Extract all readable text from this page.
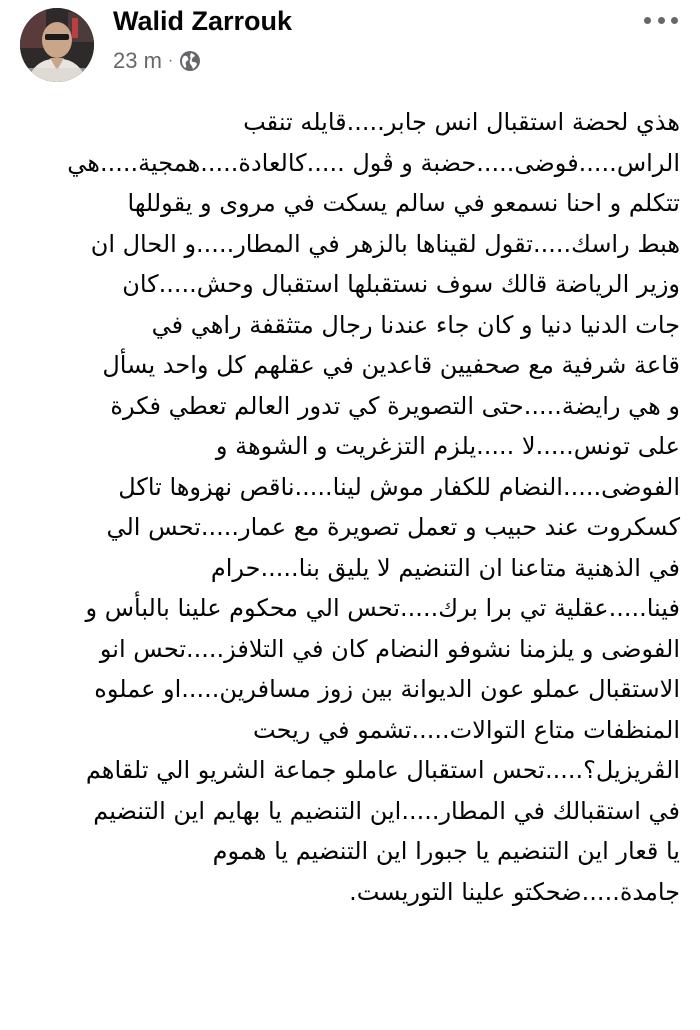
Walid Zarrouk
23 m ·
هذي لحضة استقبال انس جابر.....قايله تنقب
الراس.....فوضى.....حضبة و ڨول .....كالعادة.....همجية.....هي
تتكلم و احنا نسمعو في سالم يسكت في مروى و يقوللها
هبط راسك.....تقول لقيناها بالزهر في المطار.....و الحال ان
وزير الرياضة قالك سوف نستقبلها استقبال وحش.....كان
جات الدنيا دنيا و كان جاء عندنا رجال متثقفة راهي في
قاعة شرفية مع صحفيين قاعدين في عقلهم كل واحد يسأل
و هي رايضة.....حتى التصويرة كي تدور العالم تعطي فكرة
على تونس.....لا .....يلزم التزغريت و الشوهة و
الفوضى.....النضام للكفار موش لينا.....ناقص نهزوها تاكل
كسكروت عند حبيب و تعمل تصويرة مع عمار.....تحس الي
في الذهنية متاعنا ان التنضيم لا يليق بنا.....حرام
فينا.....عقلية تي برا برك.....تحس الي محكوم علينا بالبأس و
الفوضى و يلزمنا نشوفو النضام كان في التلافز.....تحس انو
الاستقبال عملو عون الديوانة بين زوز مسافرين.....او عملوه
المنظفات متاع التوالات.....تشمو في ريحت
الڨريزيل؟.....تحس استقبال عاملو جماعة الشريو الي تلقاهم
في استقبالك في المطار.....اين التنضيم يا بهايم اين التنضيم
يا قعار اين التنضيم يا جبورا اين التنضيم يا هموم
جامدة.....ضحكتو علينا التوريست.
